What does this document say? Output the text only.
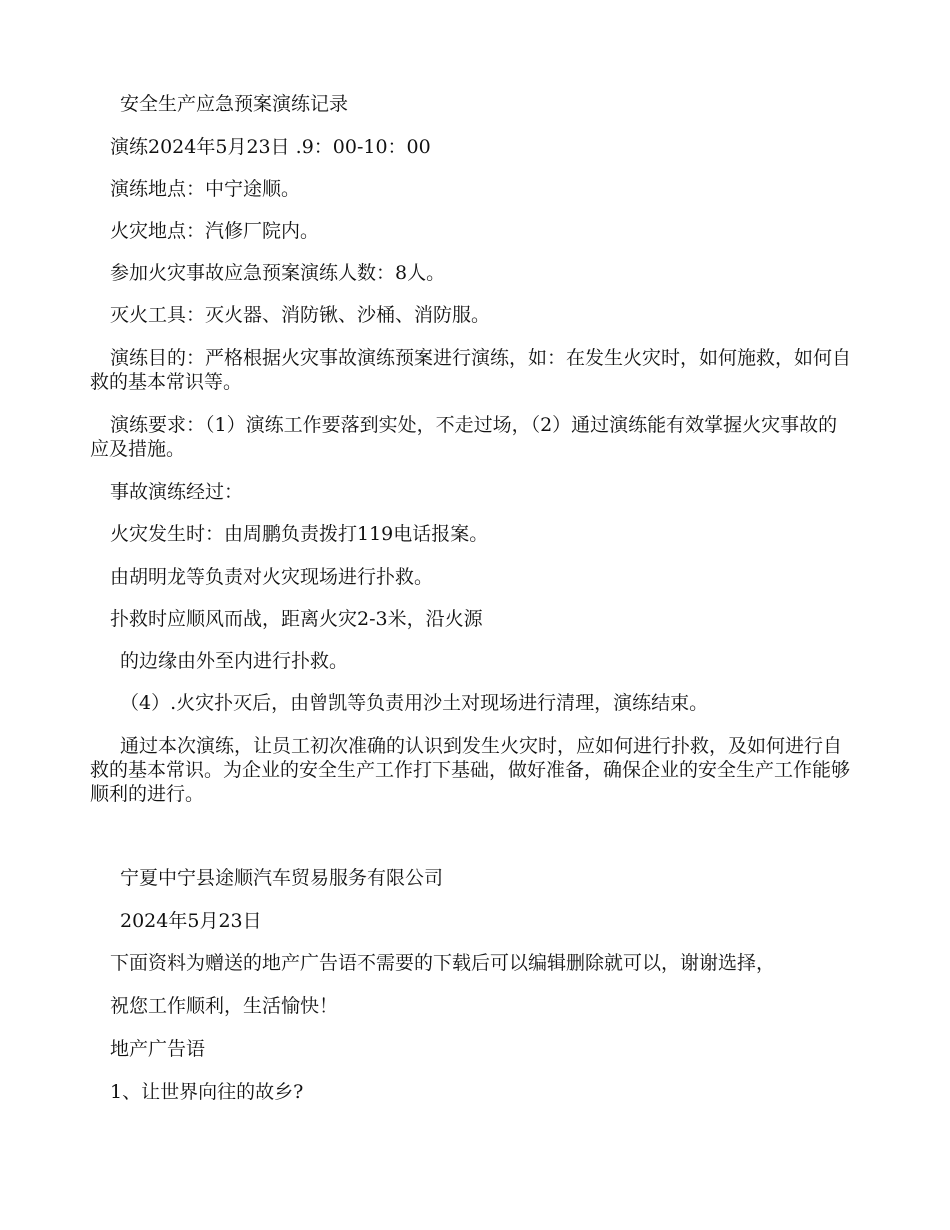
安全生产应急预案演练记录
演练2024年5月23日 .9：00-10：00
演练地点：中宁途顺。
火灾地点：汽修厂院内。
参加火灾事故应急预案演练人数：8人。
灭火工具：灭火器、消防锹、沙桶、消防服。
演练目的：严格根据火灾事故演练预案进行演练，如：在发生火灾时，如何施救，如何自救的基本常识等。
演练要求：（1）演练工作要落到实处，不走过场，（2）通过演练能有效掌握火灾事故的应及措施。
事故演练经过：
火灾发生时：由周鹏负责拨打119电话报案。
由胡明龙等负责对火灾现场进行扑救。
扑救时应顺风而战，距离火灾2-3米，沿火源
的边缘由外至内进行扑救。
（4）.火灾扑灭后，由曾凯等负责用沙土对现场进行清理，演练结束。
通过本次演练，让员工初次准确的认识到发生火灾时，应如何进行扑救，及如何进行自救的基本常识。为企业的安全生产工作打下基础，做好准备，确保企业的安全生产工作能够顺利的进行。
宁夏中宁县途顺汽车贸易服务有限公司
2024年5月23日
下面资料为赠送的地产广告语不需要的下载后可以编辑删除就可以，谢谢选择，
祝您工作顺利，生活愉快！
地产广告语
1、让世界向往的故乡?
